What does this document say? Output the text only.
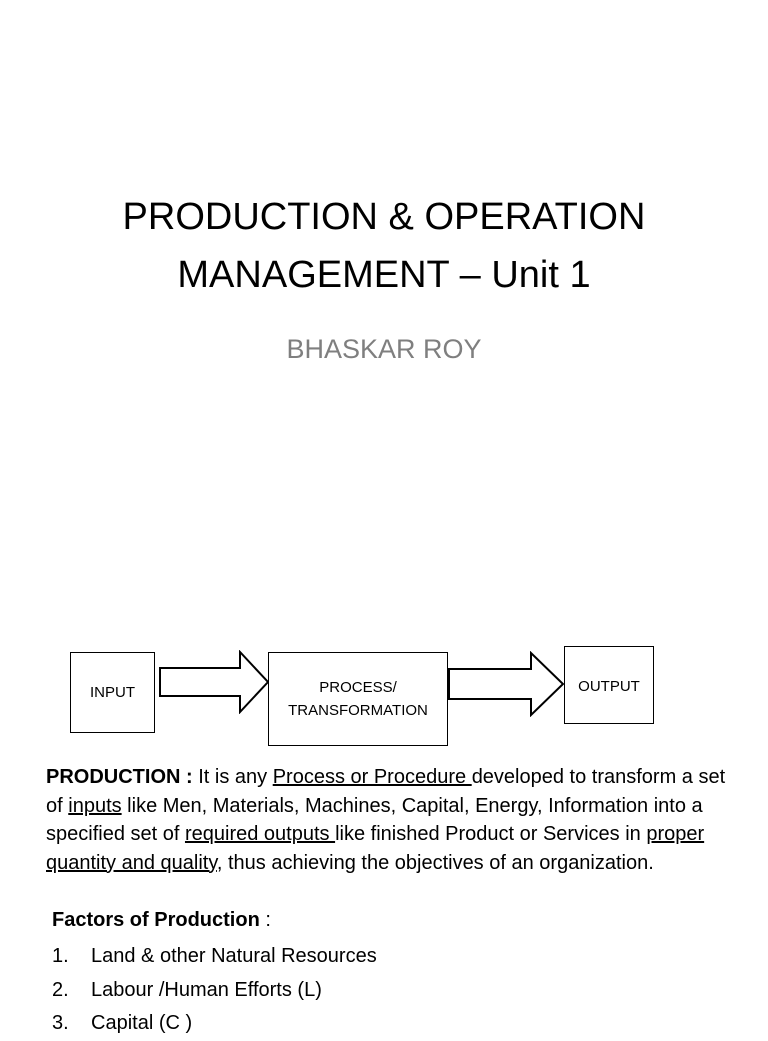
PRODUCTION & OPERATION
MANAGEMENT – Unit 1
BHASKAR ROY
INPUT	PROCESS/
TRANSFORMATION
OUTPUT
PRODUCTION : It is any Process or Procedure developed to transform a set of inputs like Men, Materials, Machines, Capital, Energy, Information into a specified set of required outputs like finished Product or Services in proper quantity and quality, thus achieving the objectives of an organization.
Factors of Production :
1.	Land & other Natural Resources
2.	Labour /Human Efforts (L)
3.	Capital (C )
